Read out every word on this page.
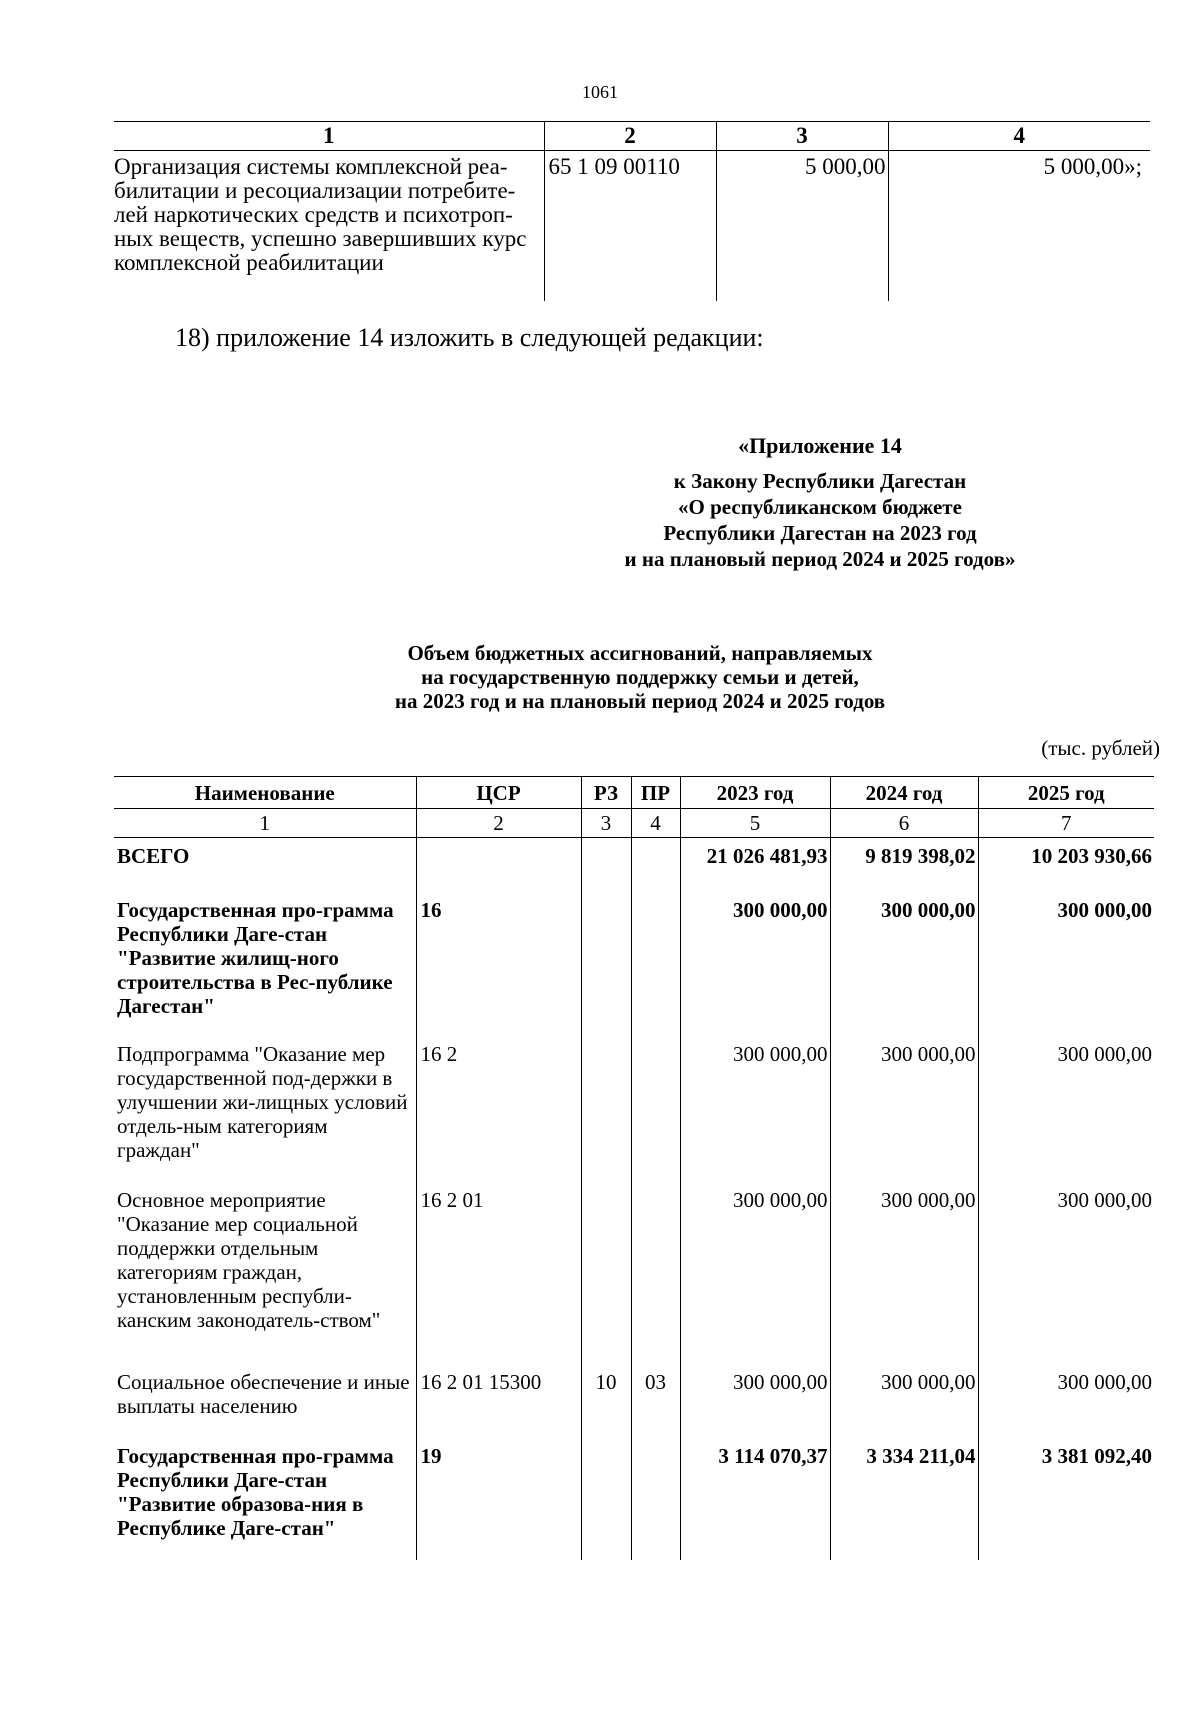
1061
1	2	3	4
Организация системы комплексной реа-билитации и ресоциализации потребите-лей наркотических средств и психотроп-ных веществ, успешно завершивших курс комплексной реабилитации	65 1 09 00110	5 000,00	5 000,00»;
18) приложение 14 изложить в следующей редакции:
«Приложение 14
к Закону Республики Дагестан
«О республиканском бюджете
Республики Дагестан на 2023 год
и на плановый период 2024 и 2025 годов»
Объем бюджетных ассигнований, направляемых
на государственную поддержку семьи и детей,
на 2023 год и на плановый период 2024 и 2025 годов
(тыс. рублей)
Наименование	ЦСР	РЗ	ПР	2023 год	2024 год	2025 год
1	2	3	4	5	6	7
ВСЕГО				21 026 481,93	9 819 398,02	10 203 930,66
Государственная про-грамма Республики Даге-стан "Развитие жилищ-ного строительства в Рес-публике Дагестан"	16			300 000,00	300 000,00	300 000,00
Подпрограмма "Оказание мер государственной под-держки в улучшении жи-лищных условий отдель-ным категориям граждан"	16 2			300 000,00	300 000,00	300 000,00
Основное мероприятие "Оказание мер социальной поддержки отдельным категориям граждан, установленным республи-канским законодатель-ством"	16 2 01			300 000,00	300 000,00	300 000,00
Социальное обеспечение и иные выплаты населению	16 2 01 15300	10	03	300 000,00	300 000,00	300 000,00
Государственная про-грамма Республики Даге-стан "Развитие образова-ния в Республике Даге-стан"	19			3 114 070,37	3 334 211,04	3 381 092,40
